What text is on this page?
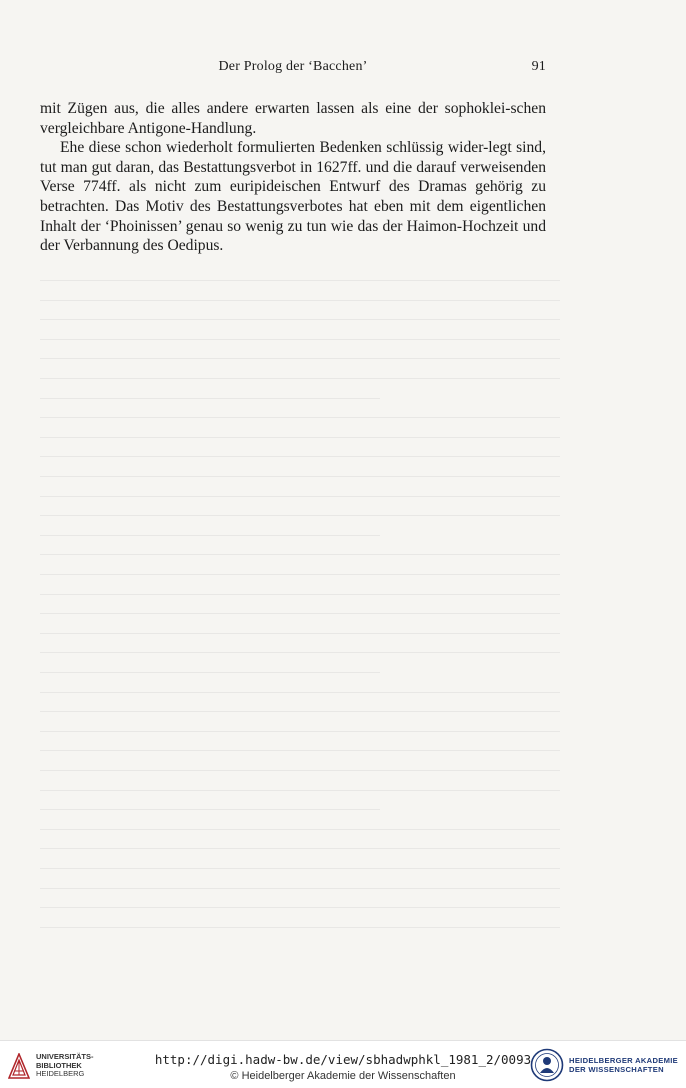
Der Prolog der ‘Bacchen’	91

mit Zügen aus, die alles andere erwarten lassen als eine der sophoklei-schen vergleichbare Antigone-Handlung.

Ehe diese schon wiederholt formulierten Bedenken schlüssig wider-legt sind, tut man gut daran, das Bestattungsverbot in 1627ff. und die darauf verweisenden Verse 774ff. als nicht zum euripideischen Entwurf des Dramas gehörig zu betrachten. Das Motiv des Bestattungsverbotes hat eben mit dem eigentlichen Inhalt der ‘Phoinissen’ genau so wenig zu tun wie das der Haimon-Hochzeit und der Verbannung des Oedipus.

UNIVERSITÄTS-
BIBLIOTHEK
HEIDELBERG
http://digi.hadw-bw.de/view/sbhadwphkl_1981_2/0093
© Heidelberger Akademie der Wissenschaften
HEIDELBERGER AKADEMIE
DER WISSENSCHAFTEN
